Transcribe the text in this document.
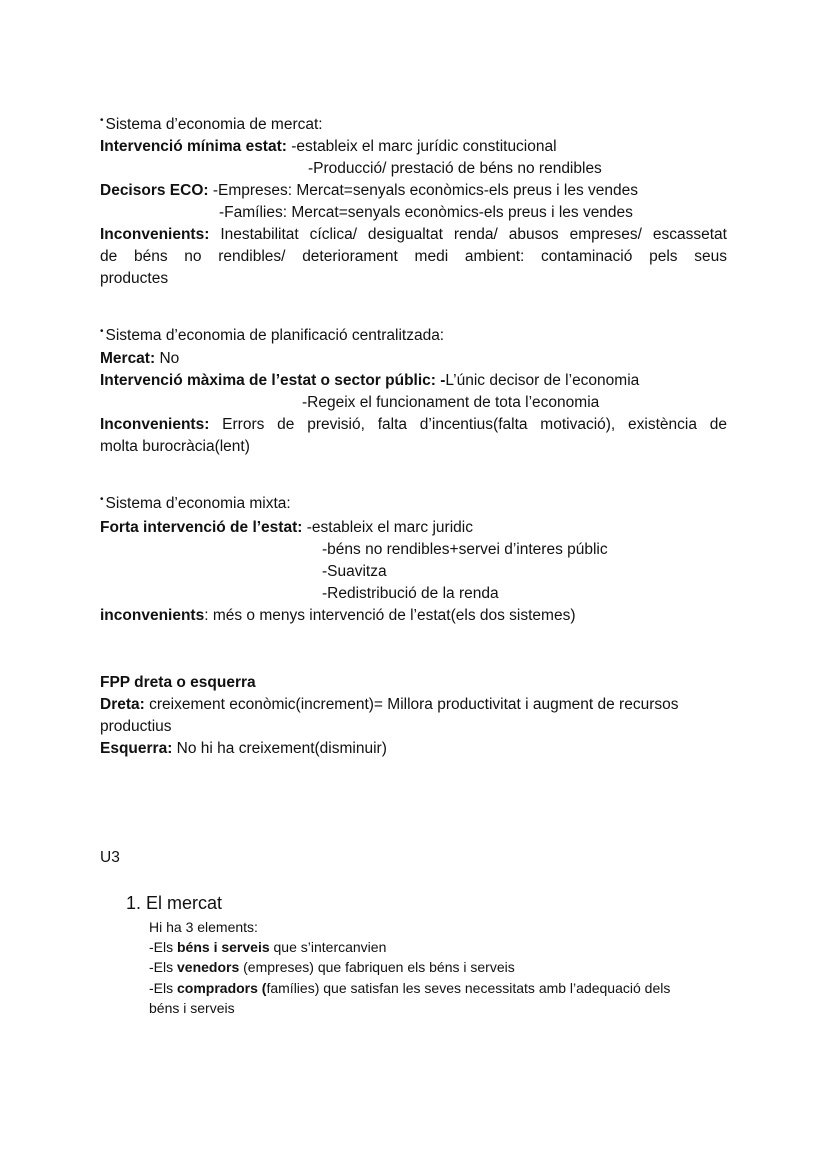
• Sistema d’economia de mercat:
Intervenció mínima estat: -estableix el marc jurídic constitucional
-Producció/ prestació de béns no rendibles
Decisors ECO: -Empreses: Mercat=senyals econòmics-els preus i les vendes
-Famílies: Mercat=senyals econòmics-els preus i les vendes
Inconvenients: Inestabilitat cíclica/ desigualtat renda/ abusos empreses/ escassetat
de béns no rendibles/ deteriorament medi ambient: contaminació pels seus
productes
• Sistema d’economia de planificació centralitzada:
Mercat: No
Intervenció màxima de l’estat o sector públic: -L’únic decisor de l’economia
-Regeix el funcionament de tota l’economia
Inconvenients: Errors de previsió, falta d’incentius(falta motivació), existència de
molta burocràcia(lent)
• Sistema d’economia mixta:
Forta intervenció de l’estat: -estableix el marc juridic
-béns no rendibles+servei d’interes públic
-Suavitza
-Redistribució de la renda
inconvenients: més o menys intervenció de l’estat(els dos sistemes)
FPP dreta o esquerra
Dreta: creixement econòmic(increment)= Millora productivitat i augment de recursos
productius
Esquerra: No hi ha creixement(disminuir)
U3
1. El mercat
Hi ha 3 elements:
-Els béns i serveis que s’intercanvien
-Els venedors (empreses) que fabriquen els béns i serveis
-Els compradors (famílies) que satisfan les seves necessitats amb l’adequació dels
béns i serveis
